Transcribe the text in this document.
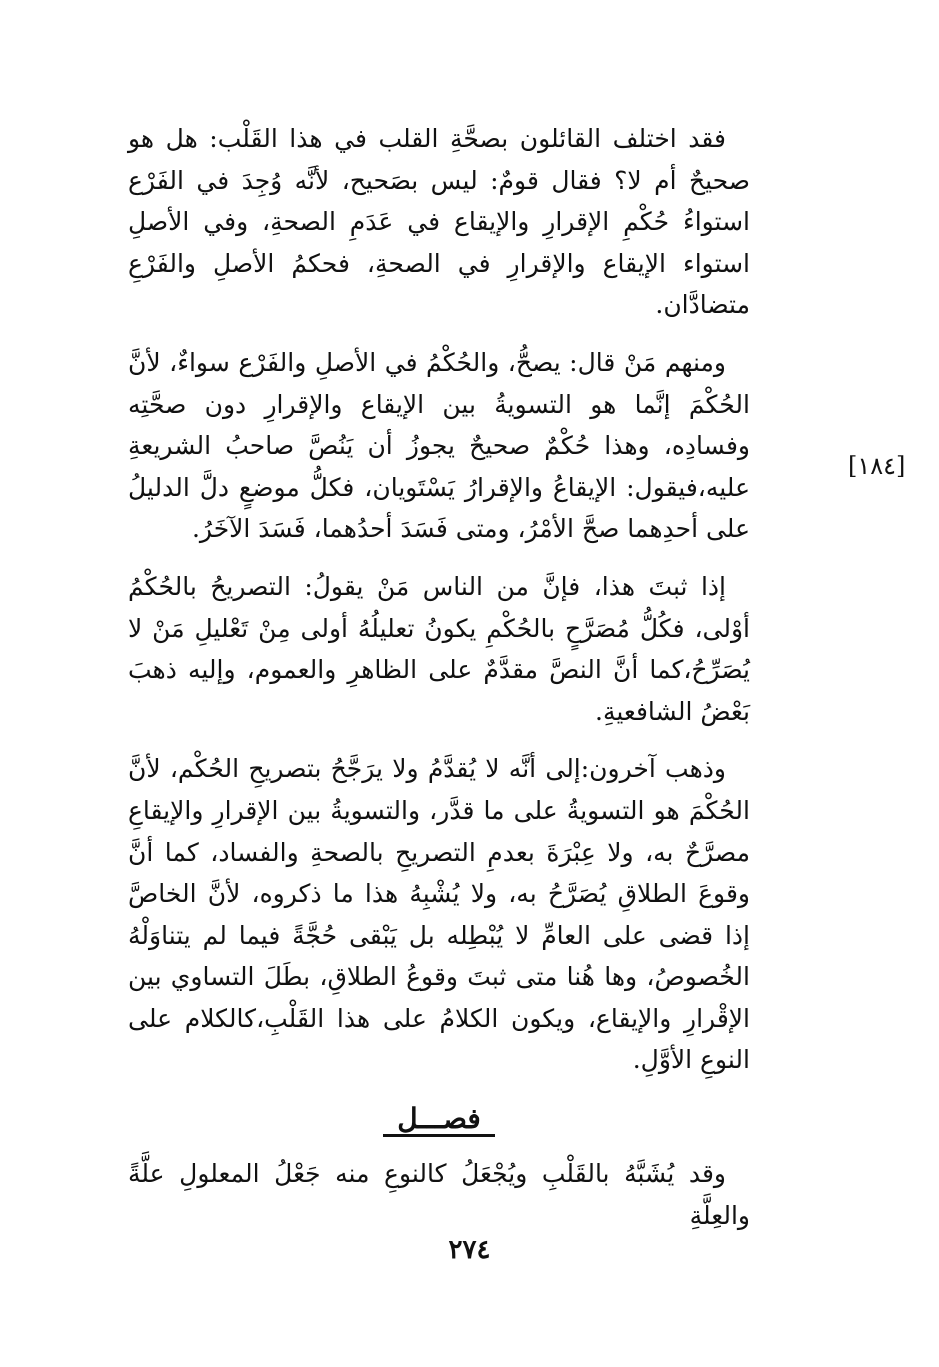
فقد اختلف القائلون بصحَّةِ القلب في هذا القَلْب: هل هو صحيحٌ أم لا؟ فقال قومٌ: ليس بصَحيح، لأنَّه وُجِدَ في الفَرْع استواءُ حُكْمِ الإقرارِ والإيقاع في عَدَمِ الصحةِ، وفي الأصلِ استواء الإيقاع والإقرارِ في الصحةِ، فحكمُ الأصلِ والفَرْعِ متضادَّان.

ومنهم مَنْ قال: يصحُّ، والحُكْمُ في الأصلِ والفَرْع سواءٌ، لأنَّ الحُكْمَ إنَّما هو التسويةُ بين الإيقاع والإقرارِ دون صحَّتِه وفسادِه، وهذا حُكْمٌ صحيحٌ يجوزُ أن يَنُصَّ صاحبُ الشريعةِ عليه،فيقول: الإيقاعُ والإقرارُ يَسْتَويان، فكلُّ موضعٍ دلَّ الدليلُ على أحدِهما صحَّ الأمْرُ، ومتى فَسَدَ أحدُهما، فَسَدَ الآخَرُ.

إذا ثبتَ هذا، فإنَّ من الناس مَنْ يقولُ: التصريحُ بالحُكْمُ أوْلى، فكُلُّ مُصَرَّحٍ بالحُكْمِ يكونُ تعليلُهُ أولى مِنْ تَعْليلِ مَنْ لا يُصَرِّحُ،كما أنَّ النصَّ مقدَّمٌ على الظاهرِ والعموم، وإليه ذهبَ بَعْضُ الشافعيةِ.

وذهب آخرون:إلى أنَّه لا يُقدَّمُ ولا يرَجَّحُ بتصريحِ الحُكْم، لأنَّ الحُكْمَ هو التسويةُ على ما قدَّر، والتسويةُ بين الإقرارِ والإيقاعِ مصرَّحٌ به، ولا عِبْرَةَ بعدمِ التصريحِ بالصحةِ والفساد، كما أنَّ وقوعَ الطلاقِ يُصَرَّحُ به، ولا يُشْبِهُ هذا ما ذكروه، لأنَّ الخاصَّ إذا قضى على العامِّ لا يُبْطِله بل يَبْقى حُجَّةً فيما لم يتناوَلْهُ الخُصوصُ، وها هُنا متى ثبتَ وقوعُ الطلاقِ، بطَلَ التساوي بين الإقْرارِ والإيقاع، ويكون الكلامُ على هذا القَلْبِ،كالكلام على النوعِ الأوَّلِ.

فصـــل

وقد يُشَبَّهُ بالقَلْبِ ويُجْعَلُ كالنوعِ منه جَعْلُ المعلولِ علَّةً والعِلَّةِ

[١٨٤]
٢٧٤
